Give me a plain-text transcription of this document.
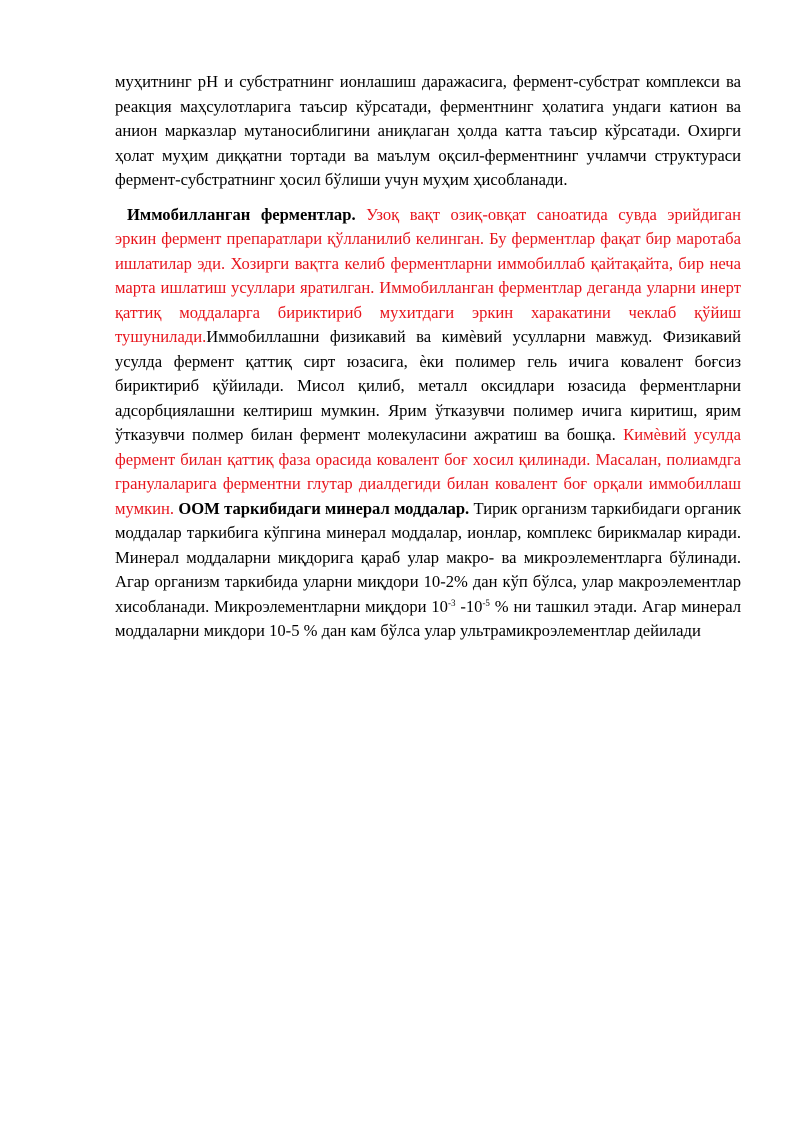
муҳитнинг pH и субстратнинг ионлашиш даражасига, фермент-субстрат комплекси ва реакция маҳсулотларига таъсир кўрсатади, ферментнинг ҳолатига ундаги катион ва анион марказлар мутаносиблигини аниқлаган ҳолда катта таъсир кўрсатади. Охирги ҳолат муҳим диққатни тортади ва маълум оқсил-ферментнинг учламчи структураси фермент-субстратнинг ҳосил бўлиши учун муҳим ҳисобланади.

Иммобилланган ферментлар. Узоқ вақт озиқ-овқат саноатида сувда эрийдиган эркин фермент препаратлари қўлланилиб келинган. Бу ферментлар фақат бир маротаба ишлатилар эди. Хозирги вақтга келиб ферментларни иммобиллаб қайтақайта, бир неча марта ишлатиш усуллари яратилган. Иммобилланган ферментлар деганда уларни инерт қаттиқ моддаларга бириктириб мухитдаги эркин харакатини чеклаб қўйиш тушунилади.Иммобиллашни физикавий ва кимѐвий усулларни мавжуд. Физикавий усулда фермент қаттиқ сирт юзасига, ѐки полимер гель ичига ковалент боғсиз бириктириб қўйилади. Мисол қилиб, металл оксидлари юзасида ферментларни адсорбциялашни келтириш мумкин. Ярим ўтказувчи полимер ичига киритиш, ярим ўтказувчи полмер билан фермент молекуласини ажратиш ва бошқа. Кимѐвий усулда фермент билан қаттиқ фаза орасида ковалент боғ хосил қилинади. Масалан, полиамдга гранулаларига ферментни глутар диалдегиди билан ковалент боғ орқали иммобиллаш мумкин. ООМ таркибидаги минерал моддалар. Тирик организм таркибидаги органик моддалар таркибига кўпгина минерал моддалар, ионлар, комплекс бирикмалар киради. Минерал моддаларни миқдорига қараб улар макро- ва микроэлементларга бўлинади. Агар организм таркибида уларни миқдори 10-2% дан кўп бўлса, улар макроэлементлар хисобланади. Микроэлементларни миқдори $10^{-3}$ $-10^{-5}$ % ни ташкил этади. Агар минерал моддаларни микдори 10-5 % дан кам бўлса улар ультрамикроэлементлар дейилади
